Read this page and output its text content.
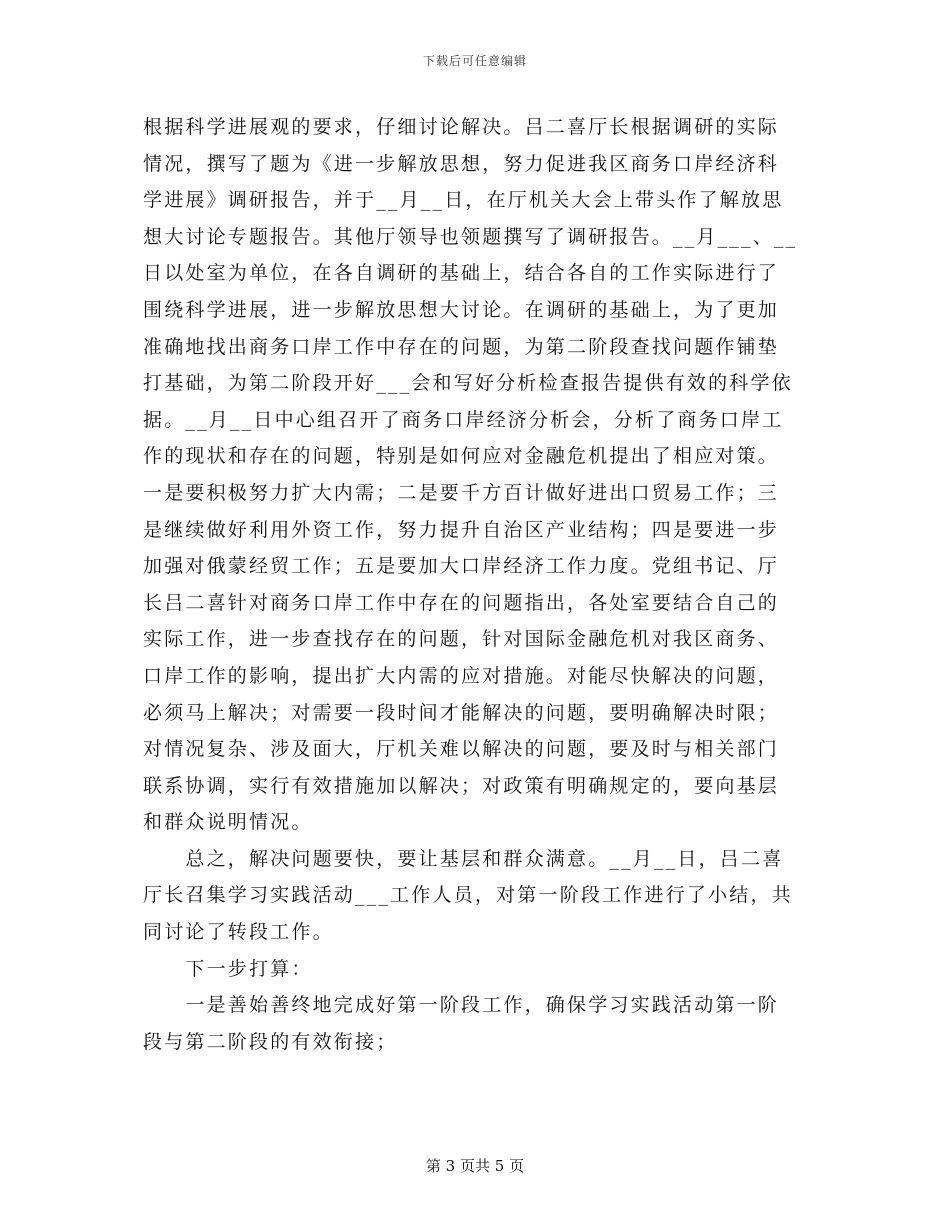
下载后可任意编辑
根据科学进展观的要求，仔细讨论解决。吕二喜厅长根据调研的实际
情况，撰写了题为《进一步解放思想，努力促进我区商务口岸经济科
学进展》调研报告，并于__月__日，在厅机关大会上带头作了解放思
想大讨论专题报告。其他厅领导也领题撰写了调研报告。__月___、__
日以处室为单位，在各自调研的基础上，结合各自的工作实际进行了
围绕科学进展，进一步解放思想大讨论。在调研的基础上，为了更加
准确地找出商务口岸工作中存在的问题，为第二阶段查找问题作铺垫
打基础，为第二阶段开好___会和写好分析检查报告提供有效的科学依
据。__月__日中心组召开了商务口岸经济分析会，分析了商务口岸工
作的现状和存在的问题，特别是如何应对金融危机提出了相应对策。
一是要积极努力扩大内需；二是要千方百计做好进出口贸易工作；三
是继续做好利用外资工作，努力提升自治区产业结构；四是要进一步
加强对俄蒙经贸工作；五是要加大口岸经济工作力度。党组书记、厅
长吕二喜针对商务口岸工作中存在的问题指出，各处室要结合自己的
实际工作，进一步查找存在的问题，针对国际金融危机对我区商务、
口岸工作的影响，提出扩大内需的应对措施。对能尽快解决的问题，
必须马上解决；对需要一段时间才能解决的问题，要明确解决时限；
对情况复杂、涉及面大，厅机关难以解决的问题，要及时与相关部门
联系协调，实行有效措施加以解决；对政策有明确规定的，要向基层
和群众说明情况。
　　总之，解决问题要快，要让基层和群众满意。__月__日，吕二喜
厅长召集学习实践活动___工作人员，对第一阶段工作进行了小结，共
同讨论了转段工作。
　　下一步打算：
　　一是善始善终地完成好第一阶段工作，确保学习实践活动第一阶
段与第二阶段的有效衔接；
第 3 页共 5 页
